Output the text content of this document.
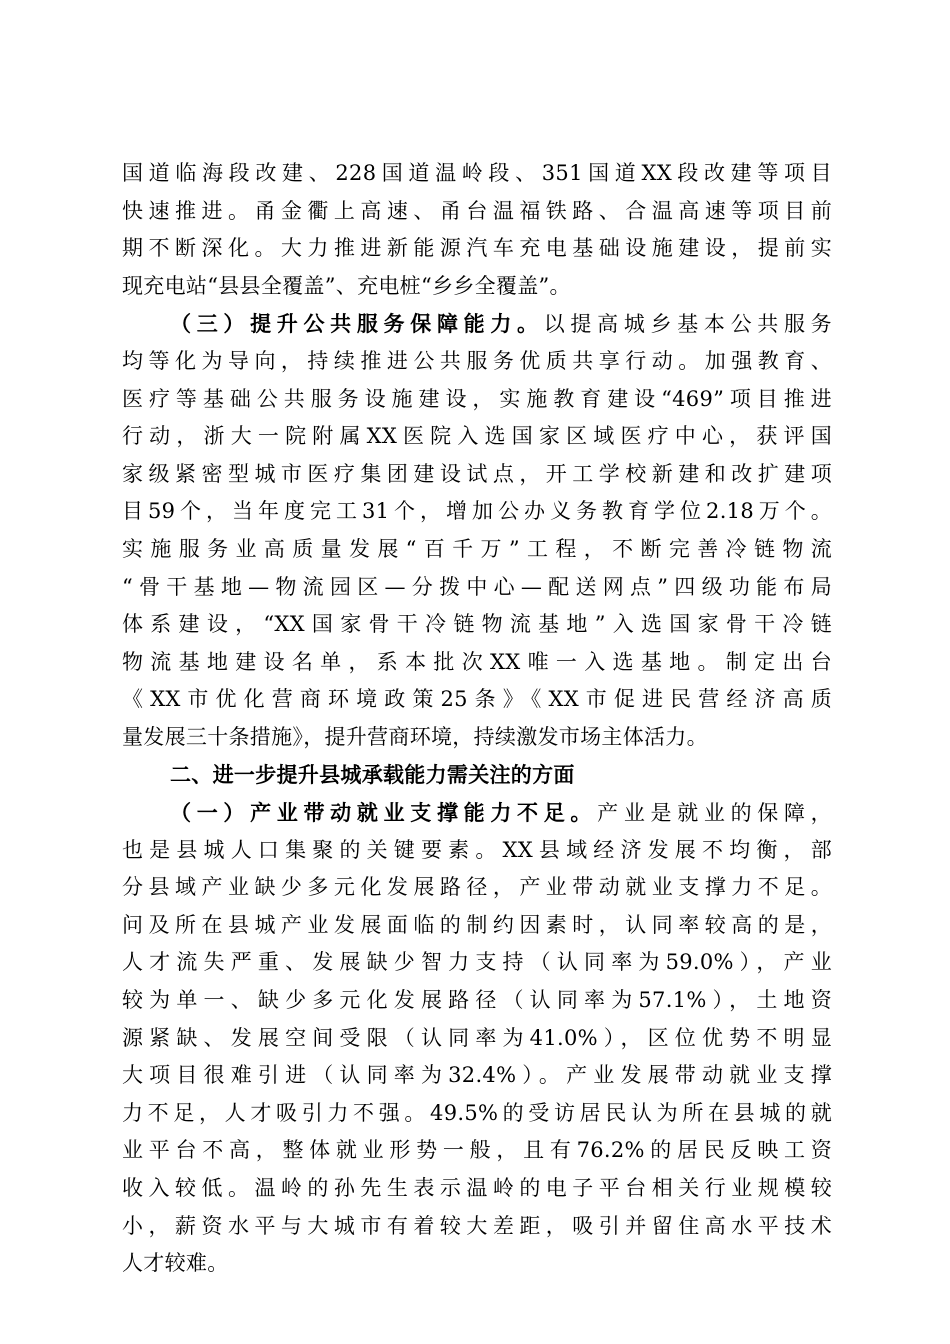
国道临海段改建、228国道温岭段、351国道XX段改建等项目
快速推进。甬金衢上高速、甬台温福铁路、合温高速等项目前
期不断深化。大力推进新能源汽车充电基础设施建设，提前实
现充电站“县县全覆盖”、充电桩“乡乡全覆盖”。
（三）提升公共服务保障能力。以提高城乡基本公共服务
均等化为导向，持续推进公共服务优质共享行动。加强教育、
医疗等基础公共服务设施建设，实施教育建设“469”项目推进
行动，浙大一院附属XX医院入选国家区域医疗中心，获评国
家级紧密型城市医疗集团建设试点，开工学校新建和改扩建项
目59个，当年度完工31个，增加公办义务教育学位2.18万个。
实施服务业高质量发展“百千万”工程，不断完善冷链物流
“骨干基地—物流园区—分拨中心—配送网点”四级功能布局
体系建设，“XX国家骨干冷链物流基地”入选国家骨干冷链
物流基地建设名单，系本批次XX唯一入选基地。制定出台
《XX市优化营商环境政策25条》《XX市促进民营经济高质
量发展三十条措施》，提升营商环境，持续激发市场主体活力。
二、进一步提升县城承载能力需关注的方面
（一）产业带动就业支撑能力不足。产业是就业的保障，
也是县城人口集聚的关键要素。XX县域经济发展不均衡，部
分县域产业缺少多元化发展路径，产业带动就业支撑力不足。
问及所在县城产业发展面临的制约因素时，认同率较高的是，
人才流失严重、发展缺少智力支持（认同率为59.0%），产业
较为单一、缺少多元化发展路径（认同率为57.1%），土地资
源紧缺、发展空间受限（认同率为41.0%），区位优势不明显
大项目很难引进（认同率为32.4%）。产业发展带动就业支撑
力不足，人才吸引力不强。49.5%的受访居民认为所在县城的就
业平台不高，整体就业形势一般，且有76.2%的居民反映工资
收入较低。温岭的孙先生表示温岭的电子平台相关行业规模较
小，薪资水平与大城市有着较大差距，吸引并留住高水平技术
人才较难。
